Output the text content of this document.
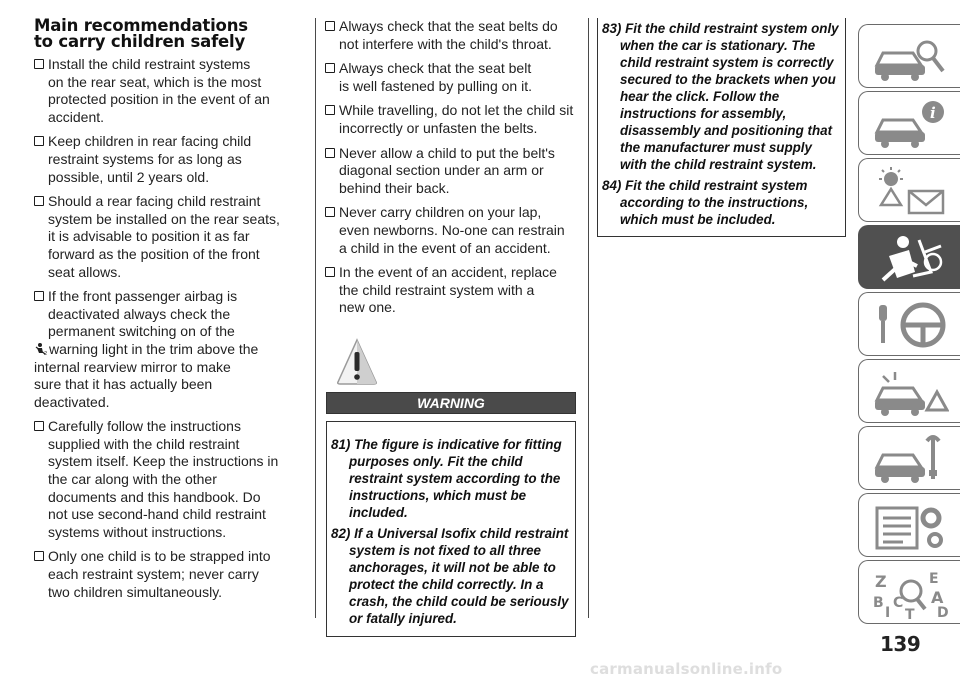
Main recommendations
to carry children safely
Install the child restraint systems
on the rear seat, which is the most
protected position in the event of an
accident.

Keep children in rear facing child
restraint systems for as long as
possible, until 2 years old.

Should a rear facing child restraint
system be installed on the rear seats,
it is advisable to position it as far
forward as the position of the front
seat allows.

If the front passenger airbag is
deactivated always check the
permanent switching on of the

2 warning light in the trim above the
internal rearview mirror to make
sure that it has actually been
deactivated.
Carefully follow the instructions
supplied with the child restraint
system itself. Keep the instructions in
the car along with the other
documents and this handbook. Do
not use second-hand child restraint
systems without instructions.

Only one child is to be strapped into
each restraint system; never carry
two children simultaneously.

Always check that the seat belts do
not interfere with the child's throat.

Always check that the seat belt
is well fastened by pulling on it.

While travelling, do not let the child sit
incorrectly or unfasten the belts.

Never allow a child to put the belt's
diagonal section under an arm or
behind their back.

Never carry children on your lap,
even newborns. No-one can restrain
a child in the event of an accident.

In the event of an accident, replace
the child restraint system with a
new one.

WARNING
81) The figure is indicative for fitting purposes only. Fit the child restraint system according to the instructions, which must be included.
82) If a Universal Isofix child restraint system is not fixed to all three anchorages, it will not be able to protect the child correctly. In a crash, the child could be seriously or fatally injured.
83) Fit the child restraint system only when the car is stationary. The child restraint system is correctly secured to the brackets when you hear the click. Follow the instructions for assembly, disassembly and positioning that the manufacturer must supply with the child restraint system.
84) Fit the child restraint system according to the instructions, which must be included.
i
Z	E
B	A
I
C
T D
139
carmanualsonline.info
